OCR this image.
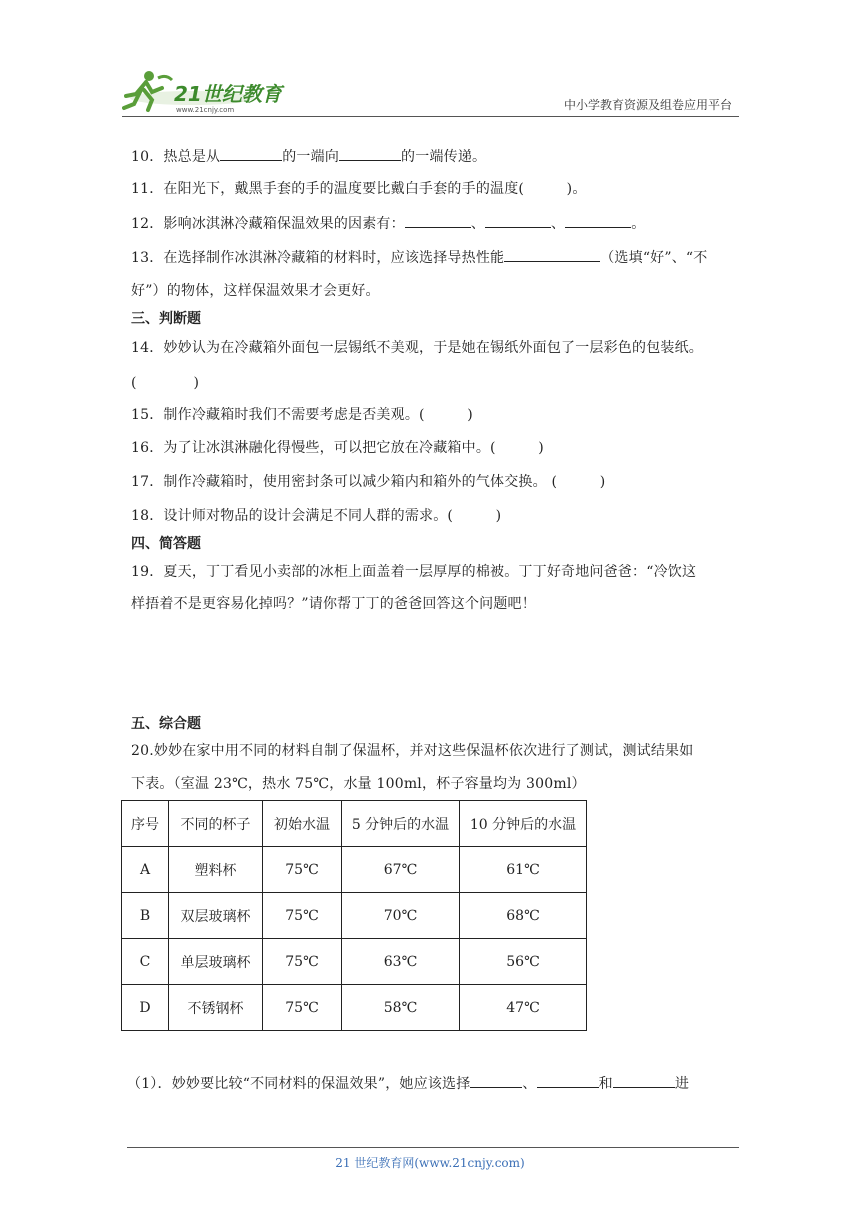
21世纪教育
www.21cnjy.com	中小学教育资源及组卷应用平台
10．热总是从	的一端向	的一端传递。
11．在阳光下，戴黑手套的手的温度要比戴白手套的手的温度(　　　)。
12．影响冰淇淋冷藏箱保温效果的因素有：	、	、	。
13．在选择制作冰淇淋冷藏箱的材料时，应该选择导热性能	（选填“好”、“不
好”）的物体，这样保温效果才会更好。
三、判断题
14．妙妙认为在冷藏箱外面包一层锡纸不美观，于是她在锡纸外面包了一层彩色的包装纸。
(　　　　)
15．制作冷藏箱时我们不需要考虑是否美观。(　　　)
16．为了让冰淇淋融化得慢些，可以把它放在冷藏箱中。(　　　)
17．制作冷藏箱时，使用密封条可以减少箱内和箱外的气体交换。 (　　　)
18．设计师对物品的设计会满足不同人群的需求。(　　　)
四、简答题
19．夏天，丁丁看见小卖部的冰柜上面盖着一层厚厚的棉被。丁丁好奇地问爸爸：“冷饮这
样捂着不是更容易化掉吗？”请你帮丁丁的爸爸回答这个问题吧！
五、综合题
20.妙妙在家中用不同的材料自制了保温杯，并对这些保温杯依次进行了测试，测试结果如
下表。（室温 23℃，热水 75℃，水量 100ml，杯子容量均为 300ml）
序号	不同的杯子	初始水温	5 分钟后的水温	10 分钟后的水温
A	塑料杯	75℃	67℃	61℃
B	双层玻璃杯	75℃	70℃	68℃
C	单层玻璃杯	75℃	63℃	56℃
D	不锈钢杯	75℃	58℃	47℃
（1）．妙妙要比较“不同材料的保温效果”，她应该选择	、	和	进
21 世纪教育网(www.21cnjy.com)
